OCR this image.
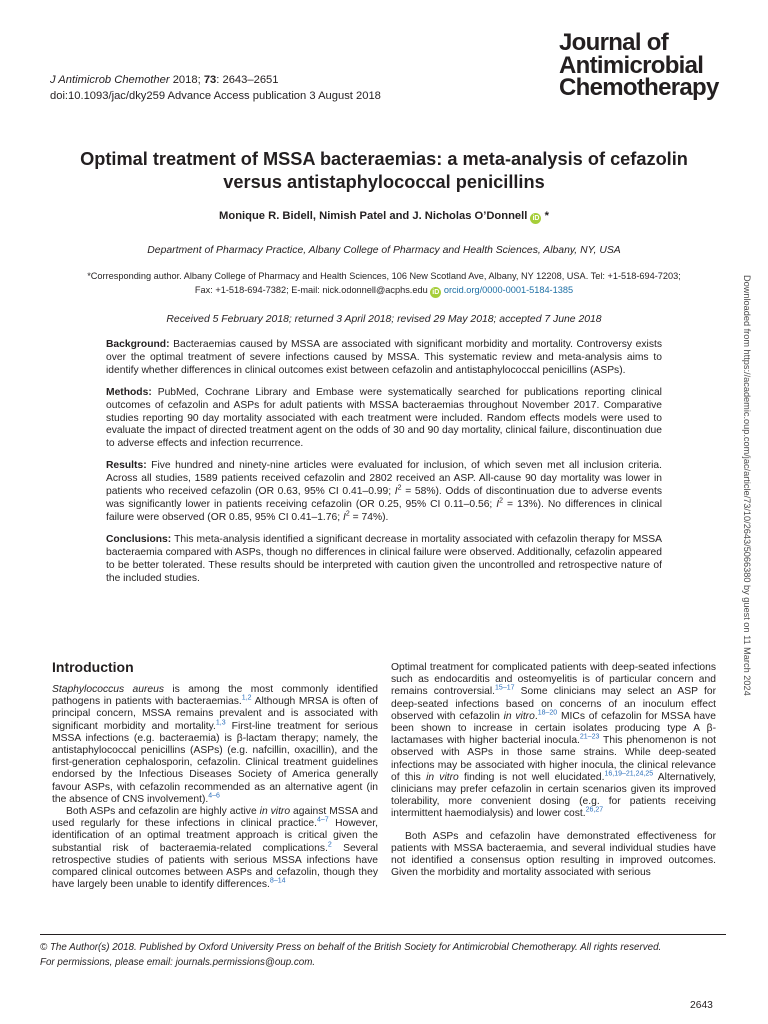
J Antimicrob Chemother 2018; 73: 2643–2651
doi:10.1093/jac/dky259 Advance Access publication 3 August 2018
Journal of
Antimicrobial
Chemotherapy
Optimal treatment of MSSA bacteraemias: a meta-analysis of cefazolin
versus antistaphylococcal penicillins
Monique R. Bidell, Nimish Patel and J. Nicholas O’Donnell iD *
Department of Pharmacy Practice, Albany College of Pharmacy and Health Sciences, Albany, NY, USA
*Corresponding author. Albany College of Pharmacy and Health Sciences, 106 New Scotland Ave, Albany, NY 12208, USA. Tel: +1-518-694-7203;
Fax: +1-518-694-7382; E-mail: nick.odonnell@acphs.edu iD orcid.org/0000-0001-5184-1385
Received 5 February 2018; returned 3 April 2018; revised 29 May 2018; accepted 7 June 2018

Background: Bacteraemias caused by MSSA are associated with significant morbidity and mortality. Controversy exists over the optimal treatment of severe infections caused by MSSA. This systematic review and meta-analysis aims to identify whether differences in clinical outcomes exist between cefazolin and antistaphylococcal penicillins (ASPs).

Methods: PubMed, Cochrane Library and Embase were systematically searched for publications reporting clinical outcomes of cefazolin and ASPs for adult patients with MSSA bacteraemias throughout November 2017. Comparative studies reporting 90 day mortality associated with each treatment were included. Random effects models were used to evaluate the impact of directed treatment agent on the odds of 30 and 90 day mortality, clinical failure, discontinuation due to adverse effects and infection recurrence.

Results: Five hundred and ninety-nine articles were evaluated for inclusion, of which seven met all inclusion criteria. Across all studies, 1589 patients received cefazolin and 2802 received an ASP. All-cause 90 day mortality was lower in patients who received cefazolin (OR 0.63, 95% CI 0.41–0.99; $I^2 = 58\%$). Odds of discontinuation due to adverse events was significantly lower in patients receiving cefazolin (OR 0.25, 95% CI 0.11–0.56; $I^2 = 13\%$). No differences in clinical failure were observed (OR 0.85, 95% CI 0.41–1.76; $I^2 = 74\%$).

Conclusions: This meta-analysis identified a significant decrease in mortality associated with cefazolin therapy for MSSA bacteraemia compared with ASPs, though no differences in clinical failure were observed. Additionally, cefazolin appeared to be better tolerated. These results should be interpreted with caution given the uncontrolled and retrospective nature of the included studies.

Introduction

Staphylococcus aureus is among the most commonly identified pathogens in patients with bacteraemias.$^{1,2}$ Although MRSA is often of principal concern, MSSA remains prevalent and is associated with significant morbidity and mortality.$^{1,3}$ First-line treatment for serious MSSA infections (e.g. bacteraemia) is β-lactam therapy; namely, the antistaphylococcal penicillins (ASPs) (e.g. nafcillin, oxacillin), and the first-generation cephalosporin, cefazolin. Clinical treatment guidelines endorsed by the Infectious Diseases Society of America generally favour ASPs, with cefazolin recommended as an alternative agent (in the absence of CNS involvement).$^{4-6}$

Both ASPs and cefazolin are highly active in vitro against MSSA and used regularly for these infections in clinical practice.$^{4-7}$ However, identification of an optimal treatment approach is critical given the substantial risk of bacteraemia-related complications.$^2$ Several retrospective studies of patients with serious MSSA infections have compared clinical outcomes between ASPs and cefazolin, though they have largely been unable to identify differences.$^{8-14}$

Optimal treatment for complicated patients with deep-seated infections such as endocarditis and osteomyelitis is of particular concern and remains controversial.$^{15-17}$ Some clinicians may select an ASP for deep-seated infections based on concerns of an inoculum effect observed with cefazolin in vitro.$^{18-20}$ MICs of cefazolin for MSSA have been shown to increase in certain isolates producing type A β-lactamases with higher bacterial inocula.$^{21-23}$ This phenomenon is not observed with ASPs in those same strains. While deep-seated infections may be associated with higher inocula, the clinical relevance of this in vitro finding is not well elucidated.$^{16,19-21,24,25}$ Alternatively, clinicians may prefer cefazolin in certain scenarios given its improved tolerability, more convenient dosing (e.g. for patients receiving intermittent haemodialysis) and lower cost.$^{26,27}$

Both ASPs and cefazolin have demonstrated effectiveness for patients with MSSA bacteraemia, and several individual studies have not identified a consensus option resulting in improved outcomes. Given the morbidity and mortality associated with serious

© The Author(s) 2018. Published by Oxford University Press on behalf of the British Society for Antimicrobial Chemotherapy. All rights reserved.
For permissions, please email: journals.permissions@oup.com.
2643
Downloaded from https://academic.oup.com/jac/article/73/10/2643/5066380 by guest on 11 March 2024
